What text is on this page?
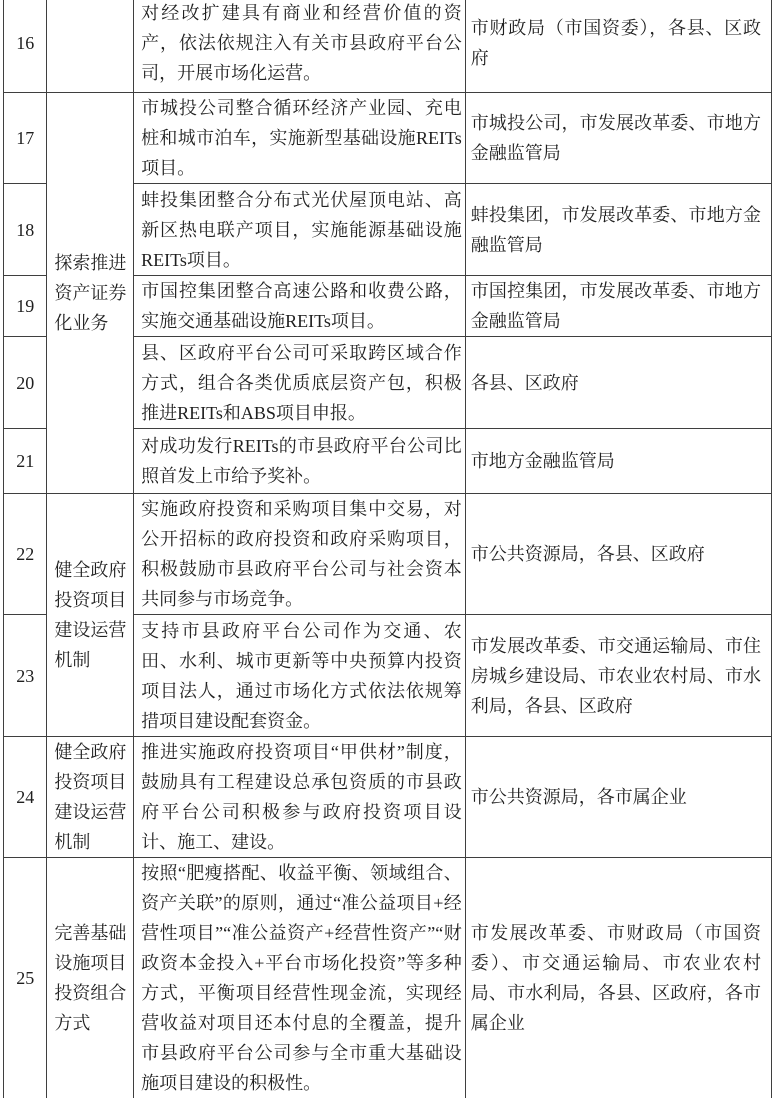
16		对经改扩建具有商业和经营价值的资产，依法依规注入有关市县政府平台公司，开展市场化运营。	市财政局（市国资委），各县、区政府
17	探索推进资产证券化业务	市城投公司整合循环经济产业园、充电桩和城市泊车，实施新型基础设施REITs项目。	市城投公司，市发展改革委、市地方金融监管局
18		蚌投集团整合分布式光伏屋顶电站、高新区热电联产项目，实施能源基础设施REITs项目。	蚌投集团，市发展改革委、市地方金融监管局
19		市国控集团整合高速公路和收费公路，实施交通基础设施REITs项目。	市国控集团，市发展改革委、市地方金融监管局
20		县、区政府平台公司可采取跨区域合作方式，组合各类优质底层资产包，积极推进REITs和ABS项目申报。	各县、区政府
21		对成功发行REITs的市县政府平台公司比照首发上市给予奖补。	市地方金融监管局
22	健全政府投资项目建设运营机制	实施政府投资和采购项目集中交易，对公开招标的政府投资和政府采购项目，积极鼓励市县政府平台公司与社会资本共同参与市场竞争。	市公共资源局，各县、区政府
23		支持市县政府平台公司作为交通、农田、水利、城市更新等中央预算内投资项目法人，通过市场化方式依法依规筹措项目建设配套资金。	市发展改革委、市交通运输局、市住房城乡建设局、市农业农村局、市水利局，各县、区政府
24	健全政府投资项目建设运营机制	推进实施政府投资项目“甲供材”制度，鼓励具有工程建设总承包资质的市县政府平台公司积极参与政府投资项目设计、施工、建设。	市公共资源局，各市属企业
25	完善基础设施项目投资组合方式	按照“肥瘦搭配、收益平衡、领域组合、资产关联”的原则，通过“准公益项目+经营性项目”“准公益资产+经营性资产”“财政资本金投入+平台市场化投资”等多种方式，平衡项目经营性现金流，实现经营收益对项目还本付息的全覆盖，提升市县政府平台公司参与全市重大基础设施项目建设的积极性。	市发展改革委、市财政局（市国资委）、市交通运输局、市农业农村局、市水利局，各县、区政府，各市属企业
